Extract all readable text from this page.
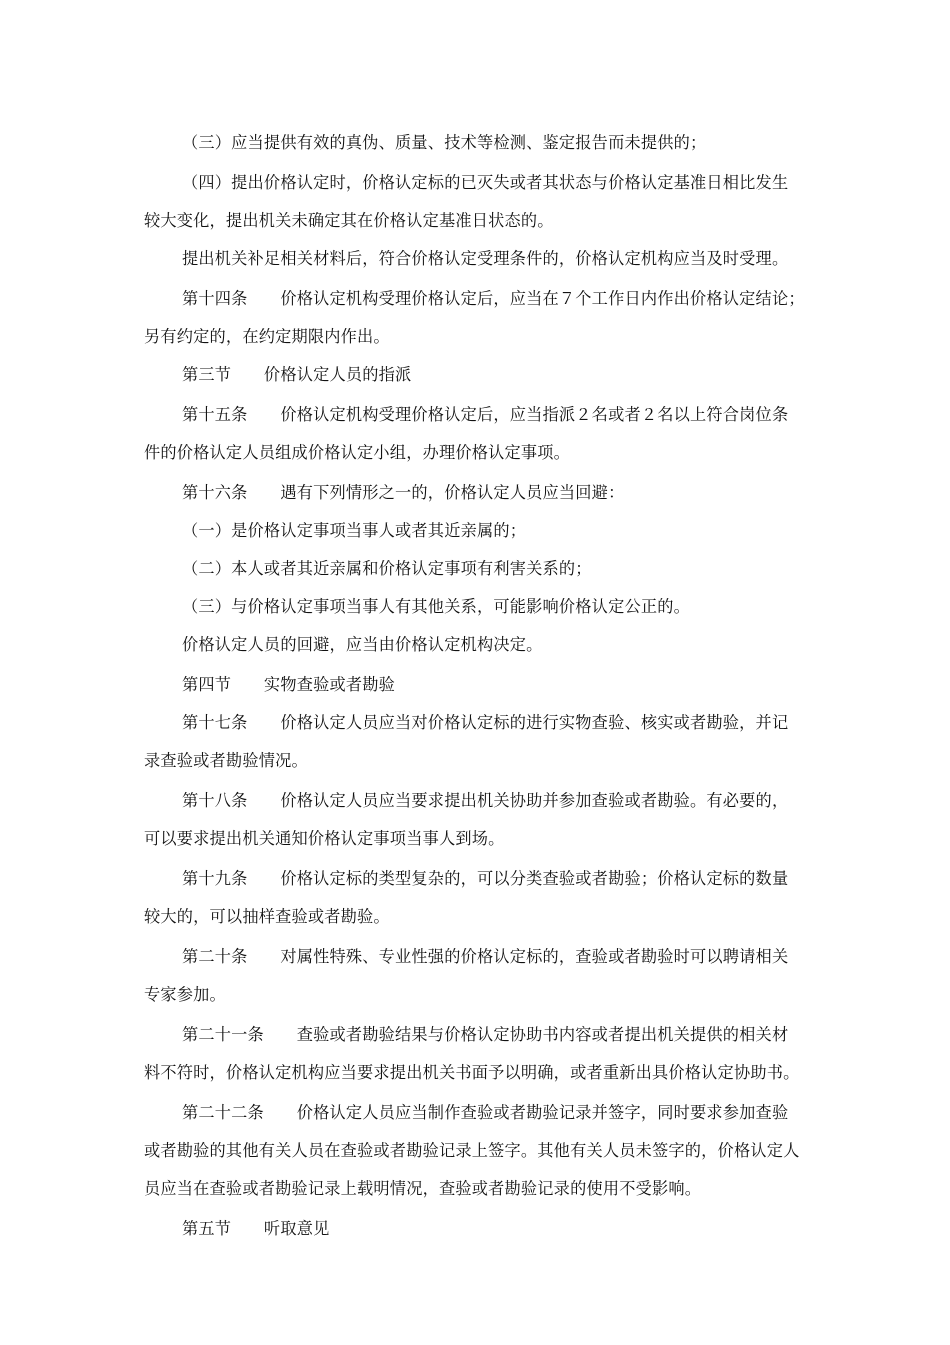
（三）应当提供有效的真伪、质量、技术等检测、鉴定报告而未提供的；
（四）提出价格认定时，价格认定标的已灭失或者其状态与价格认定基准日相比发生
较大变化，提出机关未确定其在价格认定基准日状态的。
提出机关补足相关材料后，符合价格认定受理条件的，价格认定机构应当及时受理。
第十四条　　价格认定机构受理价格认定后，应当在７个工作日内作出价格认定结论；
另有约定的，在约定期限内作出。
第三节　　价格认定人员的指派
第十五条　　价格认定机构受理价格认定后，应当指派２名或者２名以上符合岗位条
件的价格认定人员组成价格认定小组，办理价格认定事项。
第十六条　　遇有下列情形之一的，价格认定人员应当回避：
（一）是价格认定事项当事人或者其近亲属的；
（二）本人或者其近亲属和价格认定事项有利害关系的；
（三）与价格认定事项当事人有其他关系，可能影响价格认定公正的。
价格认定人员的回避，应当由价格认定机构决定。
第四节　　实物查验或者勘验
第十七条　　价格认定人员应当对价格认定标的进行实物查验、核实或者勘验，并记
录查验或者勘验情况。
第十八条　　价格认定人员应当要求提出机关协助并参加查验或者勘验。有必要的，
可以要求提出机关通知价格认定事项当事人到场。
第十九条　　价格认定标的类型复杂的，可以分类查验或者勘验；价格认定标的数量
较大的，可以抽样查验或者勘验。
第二十条　　对属性特殊、专业性强的价格认定标的，查验或者勘验时可以聘请相关
专家参加。
第二十一条　　查验或者勘验结果与价格认定协助书内容或者提出机关提供的相关材
料不符时，价格认定机构应当要求提出机关书面予以明确，或者重新出具价格认定协助书。
第二十二条　　价格认定人员应当制作查验或者勘验记录并签字，同时要求参加查验
或者勘验的其他有关人员在查验或者勘验记录上签字。其他有关人员未签字的，价格认定人
员应当在查验或者勘验记录上载明情况，查验或者勘验记录的使用不受影响。
第五节　　听取意见
